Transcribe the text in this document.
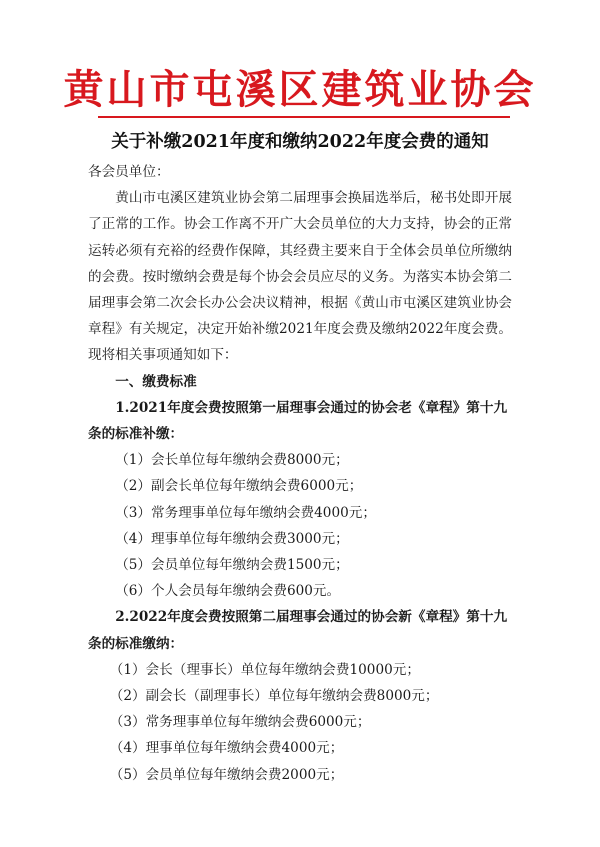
黄山市屯溪区建筑业协会
关于补缴2021年度和缴纳2022年度会费的通知

各会员单位：

黄山市屯溪区建筑业协会第二届理事会换届选举后，秘书处即开展了正常的工作。协会工作离不开广大会员单位的大力支持，协会的正常运转必须有充裕的经费作保障，其经费主要来自于全体会员单位所缴纳的会费。按时缴纳会费是每个协会会员应尽的义务。为落实本协会第二届理事会第二次会长办公会决议精神，根据《黄山市屯溪区建筑业协会章程》有关规定，决定开始补缴2021年度会费及缴纳2022年度会费。现将相关事项通知如下：

一、缴费标准

1.2021年度会费按照第一届理事会通过的协会老《章程》第十九条的标准补缴：

（1）会长单位每年缴纳会费8000元；
（2）副会长单位每年缴纳会费6000元；
（3）常务理事单位每年缴纳会费4000元；
（4）理事单位每年缴纳会费3000元；
（5）会员单位每年缴纳会费1500元；
（6）个人会员每年缴纳会费600元。

2.2022年度会费按照第二届理事会通过的协会新《章程》第十九条的标准缴纳：

（1）会长（理事长）单位每年缴纳会费10000元；
（2）副会长（副理事长）单位每年缴纳会费8000元；
（3）常务理事单位每年缴纳会费6000元；
（4）理事单位每年缴纳会费4000元；
（5）会员单位每年缴纳会费2000元；
